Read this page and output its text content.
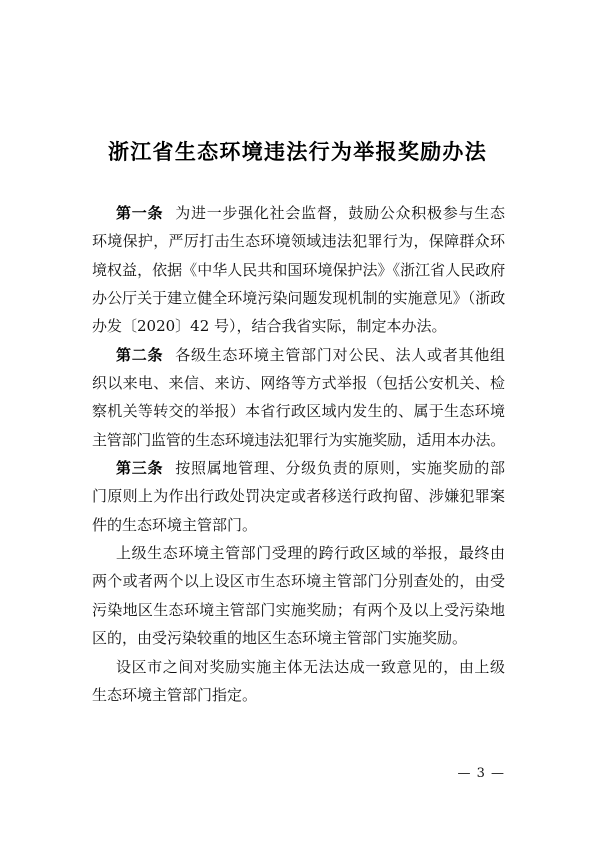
浙江省生态环境违法行为举报奖励办法
第一条 为进一步强化社会监督，鼓励公众积极参与生态
环境保护，严厉打击生态环境领域违法犯罪行为，保障群众环
境权益，依据《中华人民共和国环境保护法》《浙江省人民政府
办公厅关于建立健全环境污染问题发现机制的实施意见》（浙政
办发〔2020〕42 号），结合我省实际，制定本办法。
第二条 各级生态环境主管部门对公民、法人或者其他组
织以来电、来信、来访、网络等方式举报（包括公安机关、检
察机关等转交的举报）本省行政区域内发生的、属于生态环境
主管部门监管的生态环境违法犯罪行为实施奖励，适用本办法。
第三条 按照属地管理、分级负责的原则，实施奖励的部
门原则上为作出行政处罚决定或者移送行政拘留、涉嫌犯罪案
件的生态环境主管部门。
上级生态环境主管部门受理的跨行政区域的举报，最终由
两个或者两个以上设区市生态环境主管部门分别查处的，由受
污染地区生态环境主管部门实施奖励；有两个及以上受污染地
区的，由受污染较重的地区生态环境主管部门实施奖励。
设区市之间对奖励实施主体无法达成一致意见的，由上级
生态环境主管部门指定。
— 3 —
